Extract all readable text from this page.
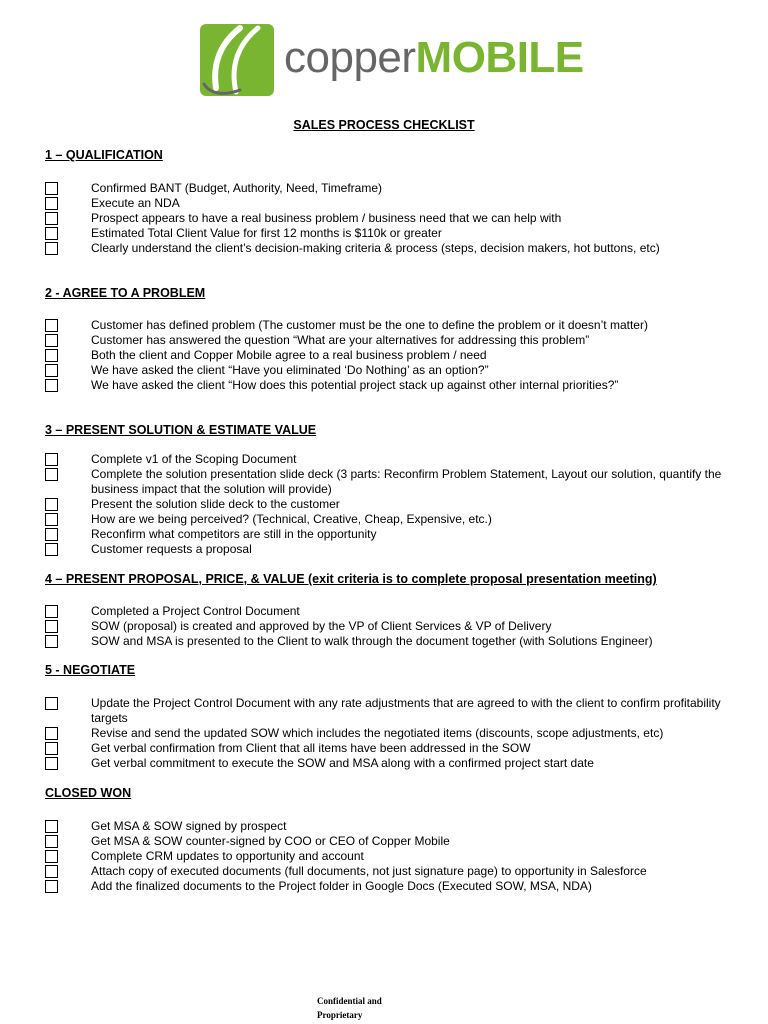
copperMOBILE
SALES PROCESS CHECKLIST
1 – QUALIFICATION
Confirmed BANT (Budget, Authority, Need, Timeframe)
Execute an NDA
Prospect appears to have a real business problem / business need that we can help with
Estimated Total Client Value for first 12 months is $110k or greater
Clearly understand the client’s decision-making criteria & process (steps, decision makers, hot buttons, etc)
2 - AGREE TO A PROBLEM
Customer has defined problem (The customer must be the one to define the problem or it doesn’t matter)
Customer has answered the question “What are your alternatives for addressing this problem”
Both the client and Copper Mobile agree to a real business problem / need
We have asked the client “Have you eliminated ‘Do Nothing’ as an option?”
We have asked the client “How does this potential project stack up against other internal priorities?”
3 – PRESENT SOLUTION & ESTIMATE VALUE
Complete v1 of the Scoping Document
Complete the solution presentation slide deck (3 parts: Reconfirm Problem Statement, Layout our solution, quantify the business impact that the solution will provide)
Present the solution slide deck to the customer
How are we being perceived? (Technical, Creative, Cheap, Expensive, etc.)
Reconfirm what competitors are still in the opportunity
Customer requests a proposal
4 – PRESENT PROPOSAL, PRICE, & VALUE (exit criteria is to complete proposal presentation meeting)
Completed a Project Control Document
SOW (proposal) is created and approved by the VP of Client Services & VP of Delivery
SOW and MSA is presented to the Client to walk through the document together (with Solutions Engineer)
5 - NEGOTIATE
Update the Project Control Document with any rate adjustments that are agreed to with the client to confirm profitability targets
Revise and send the updated SOW which includes the negotiated items (discounts, scope adjustments, etc)
Get verbal confirmation from Client that all items have been addressed in the SOW
Get verbal commitment to execute the SOW and MSA along with a confirmed project start date
CLOSED WON
Get MSA & SOW signed by prospect
Get MSA & SOW counter-signed by COO or CEO of Copper Mobile
Complete CRM updates to opportunity and account
Attach copy of executed documents (full documents, not just signature page) to opportunity in Salesforce
Add the finalized documents to the Project folder in Google Docs (Executed SOW, MSA, NDA)
Confidential and
Proprietary
